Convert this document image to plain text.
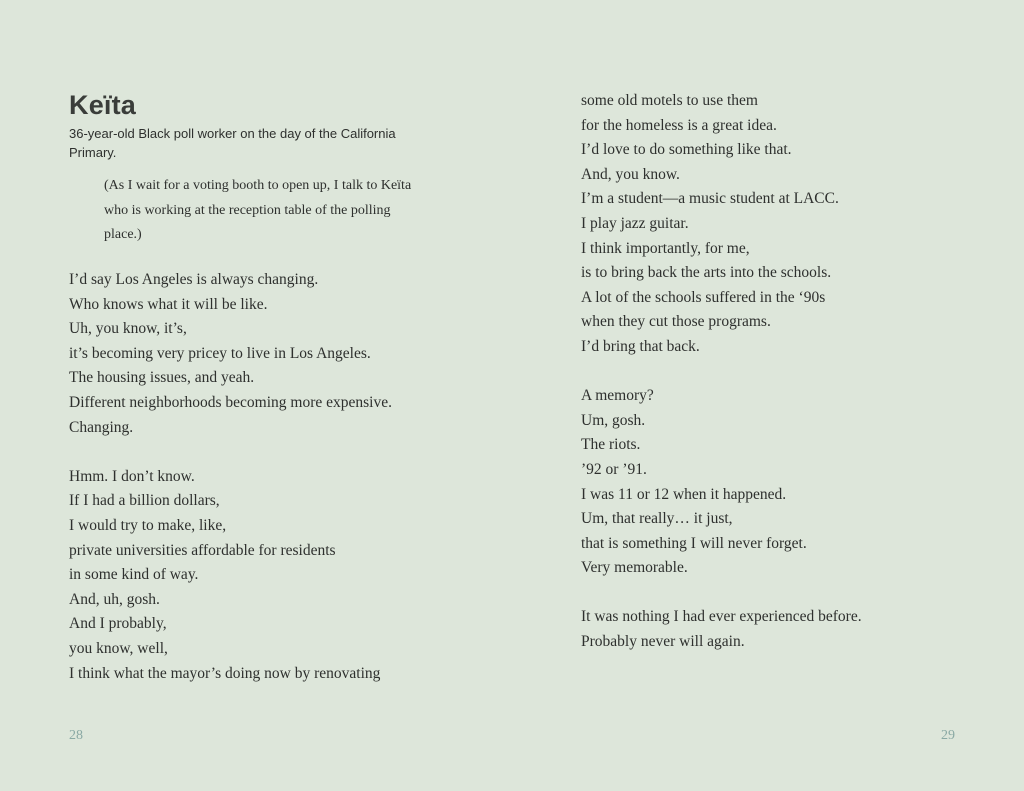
Keïta

36-year-old Black poll worker on the day of the California Primary.

(As I wait for a voting booth to open up, I talk to Keïta who is working at the reception table of the polling place.)

I’d say Los Angeles is always changing.
Who knows what it will be like.
Uh, you know, it’s,
it’s becoming very pricey to live in Los Angeles.
The housing issues, and yeah.
Different neighborhoods becoming more expensive.
Changing.
Hmm. I don’t know.
If I had a billion dollars,
I would try to make, like,
private universities affordable for residents
in some kind of way.
And, uh, gosh.
And I probably,
you know, well,
I think what the mayor’s doing now by renovating
28
some old motels to use them
for the homeless is a great idea.
I’d love to do something like that.
And, you know.
I’m a student—a music student at LACC.
I play jazz guitar.
I think importantly, for me,
is to bring back the arts into the schools.
A lot of the schools suffered in the ‘90s
when they cut those programs.
I’d bring that back.
A memory?
Um, gosh.
The riots.
’92 or ’91.
I was 11 or 12 when it happened.
Um, that really… it just,
that is something I will never forget.
Very memorable.
It was nothing I had ever experienced before.
Probably never will again.
29
